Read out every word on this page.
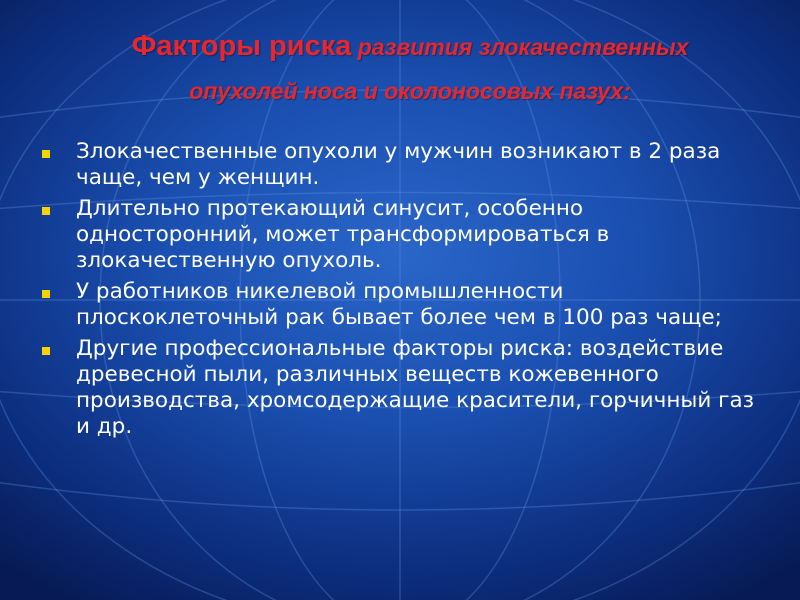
Факторы риска развития злокачественных опухолей носа и околоносовых пазух:
Злокачественные опухоли у мужчин возникают в 2 раза чаще, чем у женщин.
Длительно протекающий синусит, особенно односторонний, может трансформироваться в злокачественную опухоль.
У работников никелевой промышленности плоскоклеточный рак бывает более чем в 100 раз чаще;
Другие профессиональные факторы риска: воздействие древесной пыли, различных веществ кожевенного производства, хромсодержащие красители, горчичный газ и др.
